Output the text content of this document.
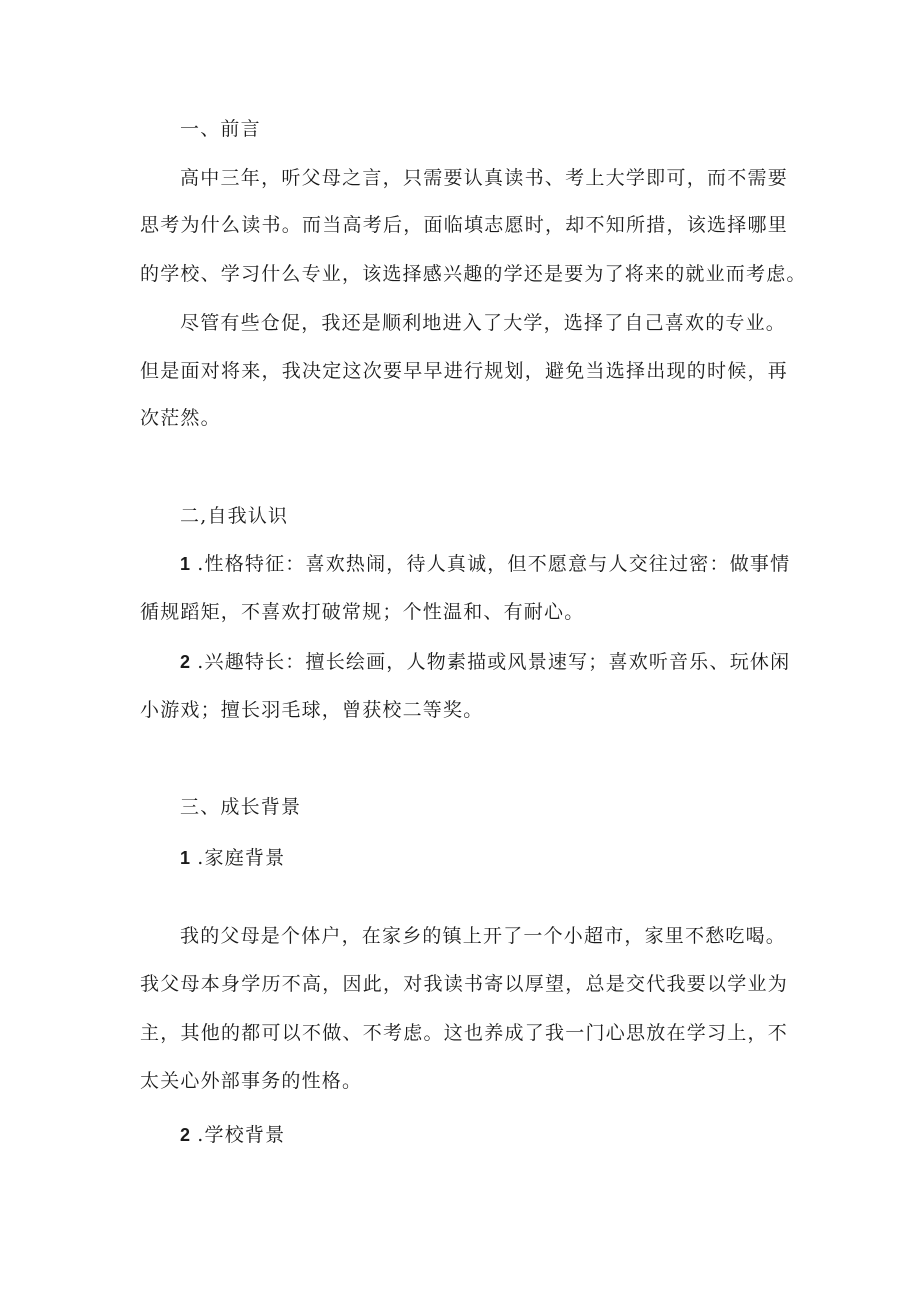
一、前言
高中三年，听父母之言，只需要认真读书、考上大学即可，而不需要
思考为什么读书。而当高考后，面临填志愿时，却不知所措，该选择哪里
的学校、学习什么专业，该选择感兴趣的学还是要为了将来的就业而考虑。
尽管有些仓促，我还是顺利地进入了大学，选择了自己喜欢的专业。
但是面对将来，我决定这次要早早进行规划，避免当选择出现的时候，再
次茫然。
二,自我认识
1 .性格特征：喜欢热闹，待人真诚，但不愿意与人交往过密：做事情
循规蹈矩，不喜欢打破常规；个性温和、有耐心。
2 .兴趣特长：擅长绘画，人物素描或风景速写；喜欢听音乐、玩休闲
小游戏；擅长羽毛球，曾获校二等奖。
三、成长背景
1 .家庭背景
我的父母是个体户，在家乡的镇上开了一个小超市，家里不愁吃喝。
我父母本身学历不高，因此，对我读书寄以厚望，总是交代我要以学业为
主，其他的都可以不做、不考虑。这也养成了我一门心思放在学习上，不
太关心外部事务的性格。
2 .学校背景
